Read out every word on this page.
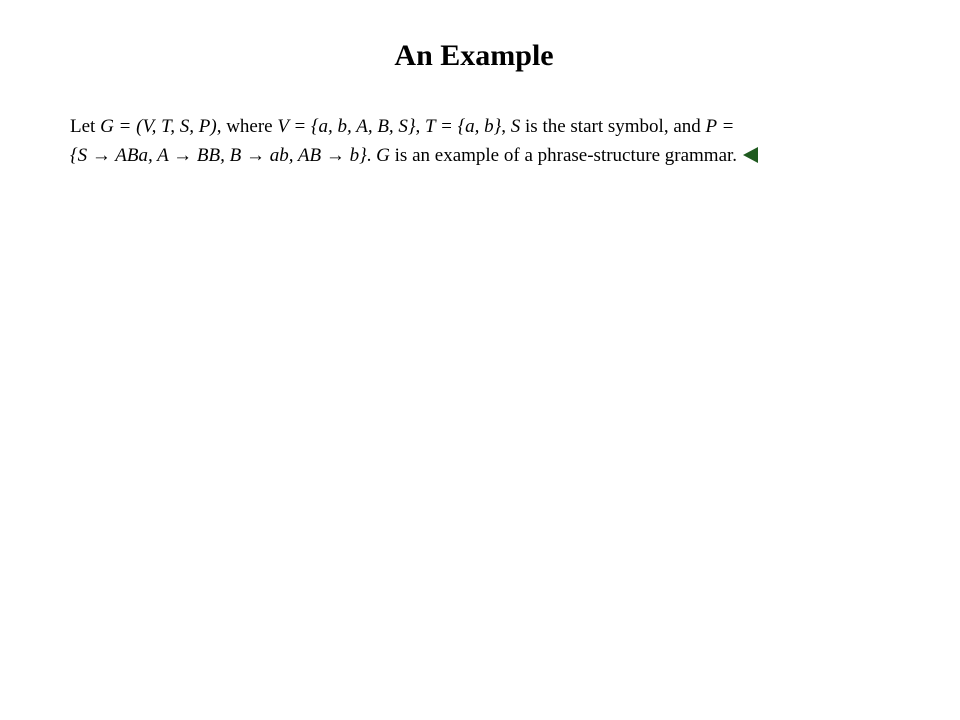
An Example

Let G = (V, T, S, P), where V = {a, b, A, B, S}, T = {a, b}, S is the start symbol, and P =
{S → ABa, A → BB, B → ab, AB → b}. G is an example of a phrase-structure grammar.
